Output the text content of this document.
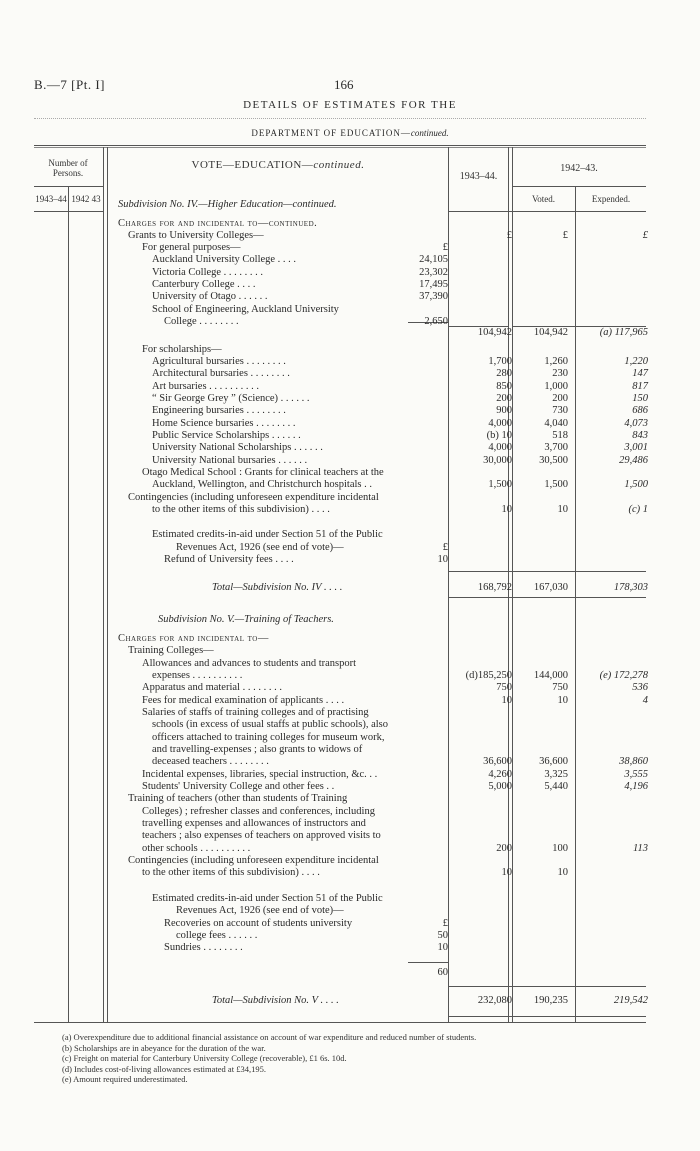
B.—7 [Pt. I]	166
DETAILS OF ESTIMATES FOR THE
DEPARTMENT OF EDUCATION—continued.
Number of Persons.
1943–44 1942 43
VOTE—EDUCATION—continued.
1943–44.
1942–43.
Voted.	Expended.
Subdivision No. IV.—Higher Education—continued.
Charges for and incidental to—continued.
Grants to University Colleges—	£	£	£
For general purposes—	£
Auckland University College . . . .	24,105
Victoria College . . . . . . . .	23,302
Canterbury College . . . .	17,495
University of Otago . . . . . .	37,390
School of Engineering, Auckland University
College . . . . . . . .	2,650
104,942	104,942	(a) 117,965
For scholarships—
Agricultural bursaries . . . . . . . .	1,700	1,260	1,220
Architectural bursaries . . . . . . . .	280	230	147
Art bursaries . . . . . . . . . .	850	1,000	817
“ Sir George Grey ” (Science) . . . . . .	200	200	150
Engineering bursaries . . . . . . . .	900	730	686
Home Science bursaries . . . . . . . .	4,000	4,040	4,073
Public Service Scholarships . . . . . .	(b) 10	518	843
University National Scholarships . . . . . .	4,000	3,700	3,001
University National bursaries . . . . . .	30,000	30,500	29,486
Otago Medical School : Grants for clinical teachers at the
Auckland, Wellington, and Christchurch hospitals . .	1,500	1,500	1,500
Contingencies (including unforeseen expenditure incidental
to the other items of this subdivision) . . . .	10	10	(c) 1
Estimated credits-in-aid under Section 51 of the Public
Revenues Act, 1926 (see end of vote)—	£
Refund of University fees . . . .	10
Total—Subdivision No. IV . . . .	168,792	167,030	178,303
Subdivision No. V.—Training of Teachers.
Charges for and incidental to—
Training Colleges—
Allowances and advances to students and transport
expenses . . . . . . . . . .	(d)185,250	144,000	(e) 172,278
Apparatus and material . . . . . . . .	750	750	536
Fees for medical examination of applicants . . . .	10	10	4
Salaries of staffs of training colleges and of practising
schools (in excess of usual staffs at public schools), also
officers attached to training colleges for museum work,
and travelling-expenses ; also grants to widows of
deceased teachers . . . . . . . .	36,600	36,600	38,860
Incidental expenses, libraries, special instruction, &c. . .	4,260	3,325	3,555
Students' University College and other fees . .	5,000	5,440	4,196
Training of teachers (other than students of Training
Colleges) ; refresher classes and conferences, including
travelling expenses and allowances of instructors and
teachers ; also expenses of teachers on approved visits to
other schools . . . . . . . . . .	200	100	113
Contingencies (including unforeseen expenditure incidental
to the other items of this subdivision) . . . .	10	10
Estimated credits-in-aid under Section 51 of the Public
Revenues Act, 1926 (see end of vote)—
Recoveries on account of students university	£
college fees . . . . . .	50
Sundries . . . . . . . .	10
60
Total—Subdivision No. V . . . .	232,080	190,235	219,542
(a) Overexpenditure due to additional financial assistance on account of war expenditure and reduced number of students.
(b) Scholarships are in abeyance for the duration of the war.
(c) Freight on material for Canterbury University College (recoverable), £1 6s. 10d.
(d) Includes cost-of-living allowances estimated at £34,195.
(e) Amount required underestimated.
